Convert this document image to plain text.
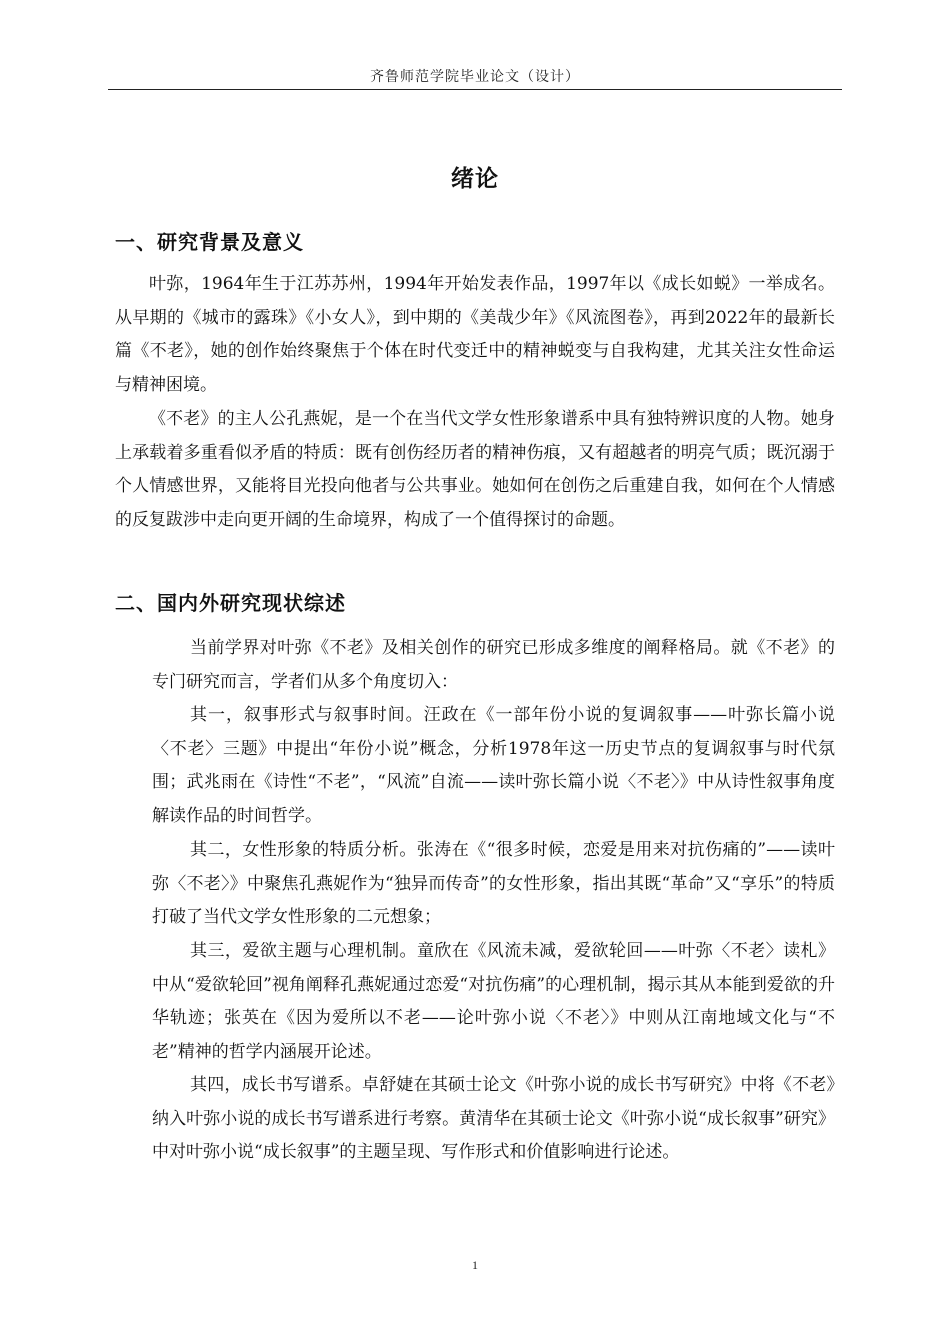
齐鲁师范学院毕业论文（设计）
绪论
一、研究背景及意义

叶弥，1964年生于江苏苏州，1994年开始发表作品，1997年以《成长如蜕》一举成名。从早期的《城市的露珠》《小女人》，到中期的《美哉少年》《风流图卷》，再到2022年的最新长篇《不老》，她的创作始终聚焦于个体在时代变迁中的精神蜕变与自我构建，尤其关注女性命运与精神困境。

《不老》的主人公孔燕妮，是一个在当代文学女性形象谱系中具有独特辨识度的人物。她身上承载着多重看似矛盾的特质：既有创伤经历者的精神伤痕，又有超越者的明亮气质；既沉溺于个人情感世界，又能将目光投向他者与公共事业。她如何在创伤之后重建自我，如何在个人情感的反复跋涉中走向更开阔的生命境界，构成了一个值得探讨的命题。

二、国内外研究现状综述

当前学界对叶弥《不老》及相关创作的研究已形成多维度的阐释格局。就《不老》的专门研究而言，学者们从多个角度切入：

其一，叙事形式与叙事时间。汪政在《一部年份小说的复调叙事——叶弥长篇小说〈不老〉三题》中提出“年份小说”概念，分析1978年这一历史节点的复调叙事与时代氛围；武兆雨在《诗性“不老”，“风流”自流——读叶弥长篇小说〈不老〉》中从诗性叙事角度解读作品的时间哲学。

其二，女性形象的特质分析。张涛在《“很多时候，恋爱是用来对抗伤痛的”——读叶弥〈不老〉》中聚焦孔燕妮作为“独异而传奇”的女性形象，指出其既“革命”又“享乐”的特质打破了当代文学女性形象的二元想象；

其三，爱欲主题与心理机制。童欣在《风流未减，爱欲轮回——叶弥〈不老〉读札》中从“爱欲轮回”视角阐释孔燕妮通过恋爱“对抗伤痛”的心理机制，揭示其从本能到爱欲的升华轨迹；张英在《因为爱所以不老——论叶弥小说〈不老〉》中则从江南地域文化与“不老”精神的哲学内涵展开论述。

其四，成长书写谱系。卓舒婕在其硕士论文《叶弥小说的成长书写研究》中将《不老》纳入叶弥小说的成长书写谱系进行考察。黄清华在其硕士论文《叶弥小说“成长叙事”研究》中对叶弥小说“成长叙事”的主题呈现、写作形式和价值影响进行论述。

1
